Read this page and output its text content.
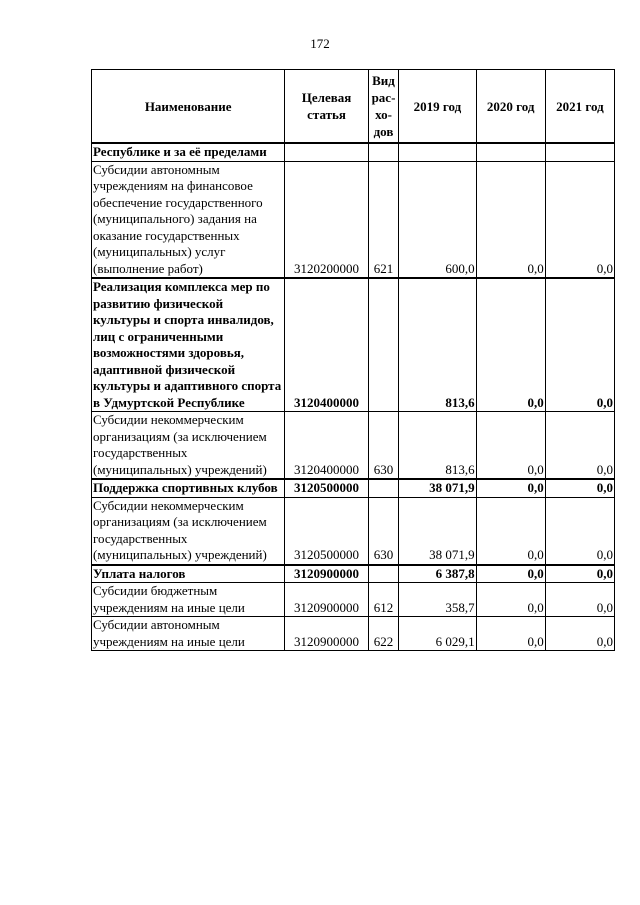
172
Наименование	Целевая статья	Вид рас-хо-дов	2019 год	2020 год	2021 год
Республике и за её пределами					
Субсидии автономным учреждениям на финансовое обеспечение государственного (муниципального) задания на оказание государственных (муниципальных) услуг (выполнение работ)	3120200000	621	600,0	0,0	0,0
Реализация комплекса мер по развитию физической культуры и спорта инвалидов, лиц с ограниченными возможностями здоровья, адаптивной физической культуры и адаптивного спорта в Удмуртской Республике	3120400000		813,6	0,0	0,0
Субсидии некоммерческим организациям (за исключением государственных (муниципальных) учреждений)	3120400000	630	813,6	0,0	0,0
Поддержка спортивных клубов	3120500000		38 071,9	0,0	0,0
Субсидии некоммерческим организациям (за исключением государственных (муниципальных) учреждений)	3120500000	630	38 071,9	0,0	0,0
Уплата налогов	3120900000		6 387,8	0,0	0,0
Субсидии бюджетным учреждениям на иные цели	3120900000	612	358,7	0,0	0,0
Субсидии автономным учреждениям на иные цели	3120900000	622	6 029,1	0,0	0,0
